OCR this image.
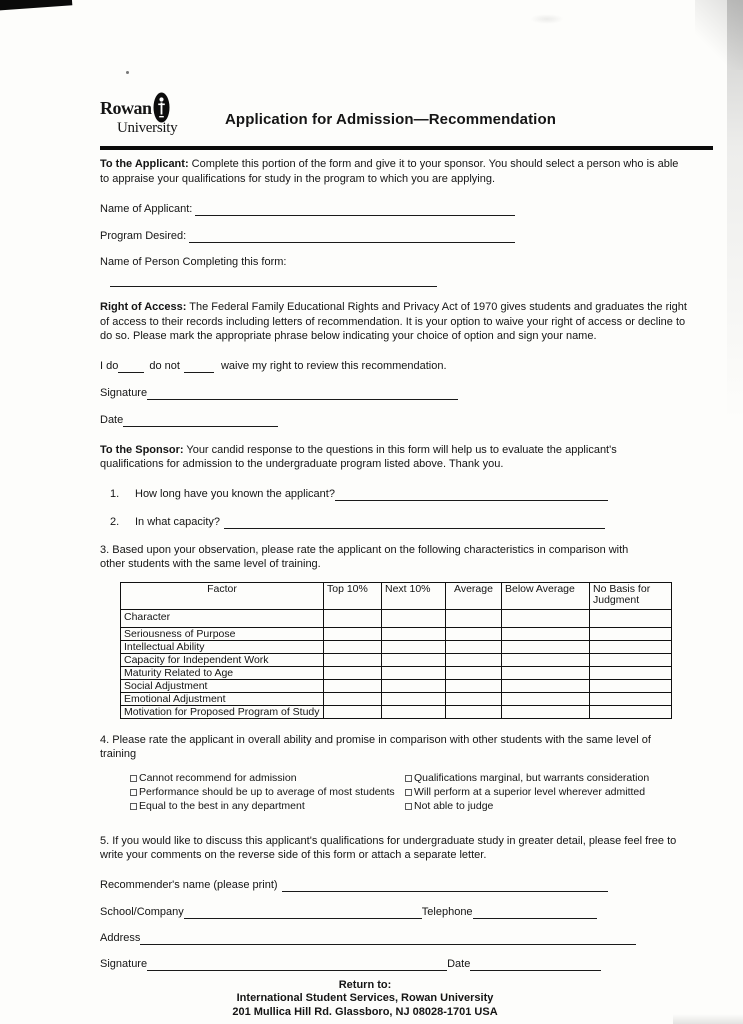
Rowan
University	Application for Admission—Recommendation

To the Applicant: Complete this portion of the form and give it to your sponsor. You should select a person who is able to appraise your qualifications for study in the program to which you are applying.

Name of Applicant:
Program Desired:
Name of Person Completing this form:

Right of Access: The Federal Family Educational Rights and Privacy Act of 1970 gives students and graduates the right of access to their records including letters of recommendation. It is your option to waive your right of access or decline to do so. Please mark the appropriate phrase below indicating your choice of option and sign your name.

I do	do not	waive my right to review this recommendation.
Signature
Date

To the Sponsor: Your candid response to the questions in this form will help us to evaluate the applicant's qualifications for admission to the undergraduate program listed above. Thank you.

1.	How long have you known the applicant?
2.	In what capacity?

3. Based upon your observation, please rate the applicant on the following characteristics in comparison with other students with the same level of training.

Factor	Top 10%	Next 10%	Average	Below Average	No Basis for Judgment
Character					
Seriousness of Purpose					
Intellectual Ability					
Capacity for Independent Work					
Maturity Related to Age					
Social Adjustment					
Emotional Adjustment					
Motivation for Proposed Program of Study					

4. Please rate the applicant in overall ability and promise in comparison with other students with the same level of training

Cannot recommend for admission
Performance should be up to average of most students
Equal to the best in any department
Qualifications marginal, but warrants consideration
Will perform at a superior level wherever admitted
Not able to judge

5. If you would like to discuss this applicant's qualifications for undergraduate study in greater detail, please feel free to write your comments on the reverse side of this form or attach a separate letter.

Recommender's name (please print)
School/Company	Telephone
Address
Signature	Date
Return to:
International Student Services, Rowan University
201 Mullica Hill Rd. Glassboro, NJ 08028-1701 USA
